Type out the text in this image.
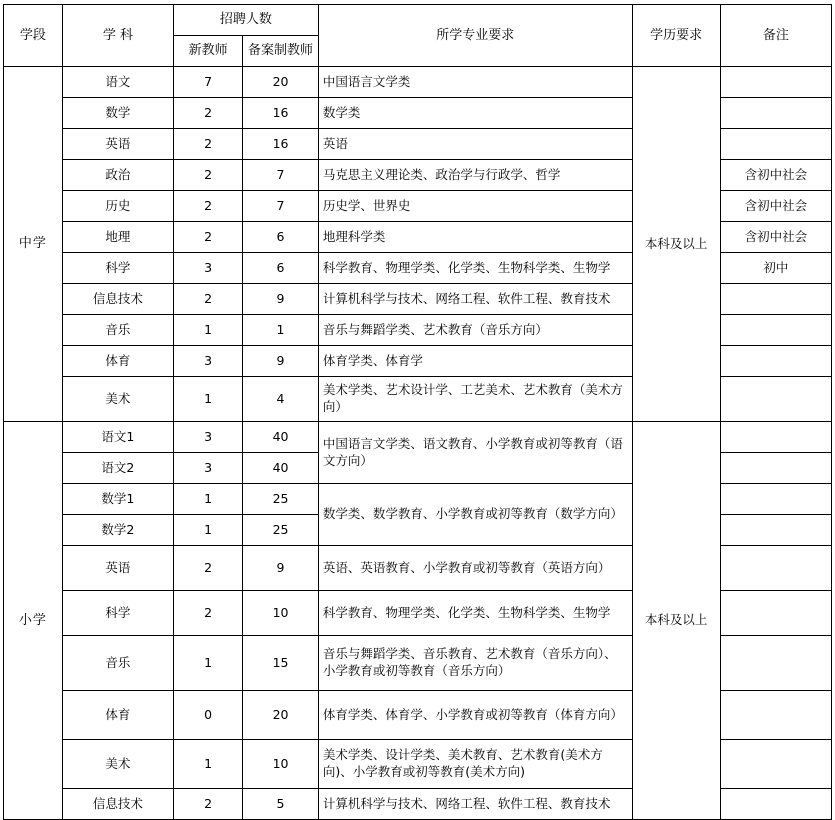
学段	学 科	招聘人数		所学专业要求	学历要求	备注
		新教师	备案制教师			
中学	语文	7	20	中国语言文学类	本科及以上	
	数学	2	16	数学类		
	英语	2	16	英语		
	政治	2	7	马克思主义理论类、政治学与行政学、哲学		含初中社会
	历史	2	7	历史学、世界史		含初中社会
	地理	2	6	地理科学类		含初中社会
	科学	3	6	科学教育、物理学类、化学类、生物科学类、生物学		初中
	信息技术	2	9	计算机科学与技术、网络工程、软件工程、教育技术		
	音乐	1	1	音乐与舞蹈学类、艺术教育（音乐方向）		
	体育	3	9	体育学类、体育学		
	美术	1	4	美术学类、艺术设计学、工艺美术、艺术教育（美术方向）		
小学	语文1	3	40	中国语言文学类、语文教育、小学教育或初等教育（语文方向）	本科及以上	
	语文2	3	40			
	数学1	1	25	数学类、数学教育、小学教育或初等教育（数学方向）		
	数学2	1	25			
	英语	2	9	英语、英语教育、小学教育或初等教育（英语方向）		
	科学	2	10	科学教育、物理学类、化学类、生物科学类、生物学		
	音乐	1	15	音乐与舞蹈学类、音乐教育、艺术教育（音乐方向）、小学教育或初等教育（音乐方向）		
	体育	0	20	体育学类、体育学、小学教育或初等教育（体育方向）		
	美术	1	10	美术学类、设计学类、美术教育、艺术教育(美术方向)、小学教育或初等教育(美术方向)		
	信息技术	2	5	计算机科学与技术、网络工程、软件工程、教育技术		
